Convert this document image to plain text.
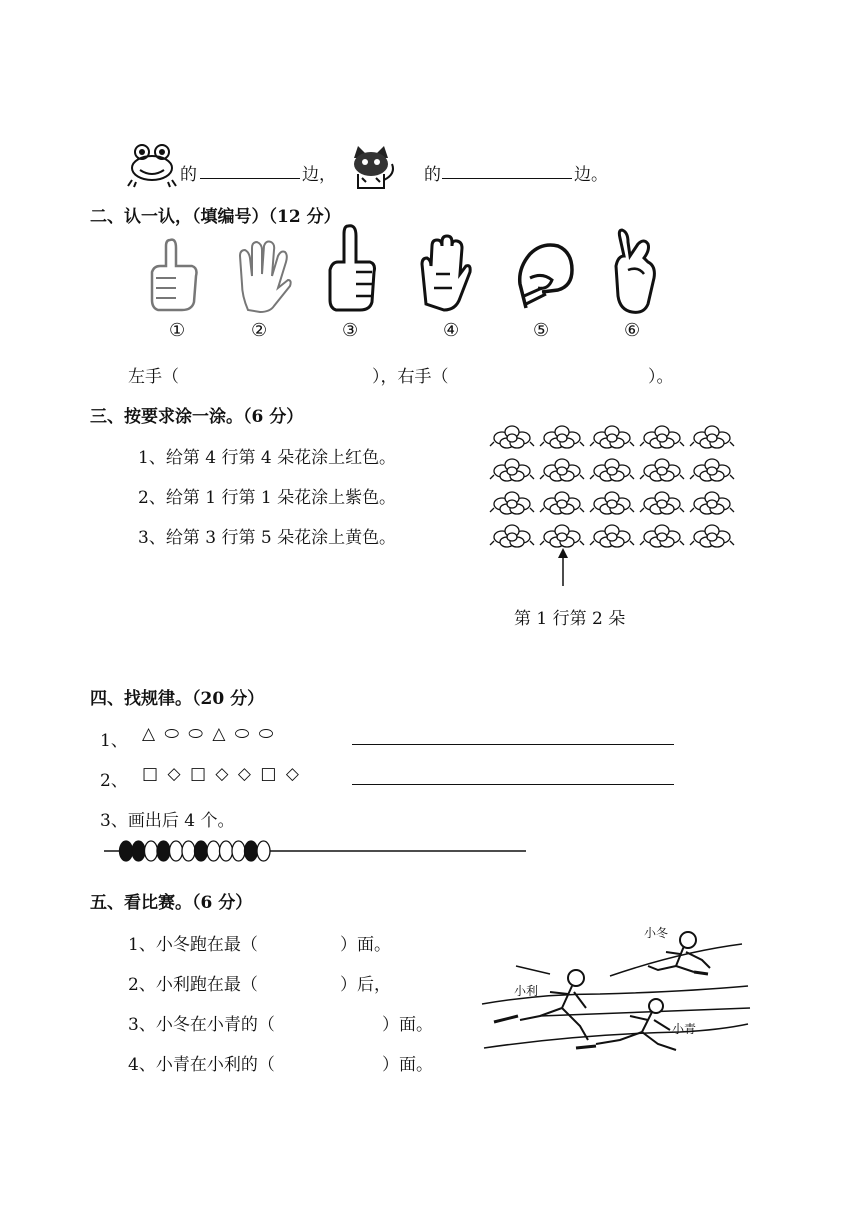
的	边，	的	边。
二、认一认，（填编号）（12 分）
①	②	③	④	⑤	⑥
左手（	），右手（	）。
三、按要求涂一涂。（6 分）
1、给第 4 行第 4 朵花涂上红色。
2、给第 1 行第 1 朵花涂上紫色。
3、给第 3 行第 5 朵花涂上黄色。
第 1 行第 2 朵
四、找规律。（20 分）
1、 △ ⬭ ⬭ △ ⬭ ⬭
2、 □ ◇ □ ◇ ◇ □ ◇
3、画出后 4 个。
五、看比赛。（6 分）
1、小冬跑在最（	）面。
2、小利跑在最（	）后，
3、小冬在小青的（	）面。
4、小青在小利的（	）面。
小冬
小利
小青
